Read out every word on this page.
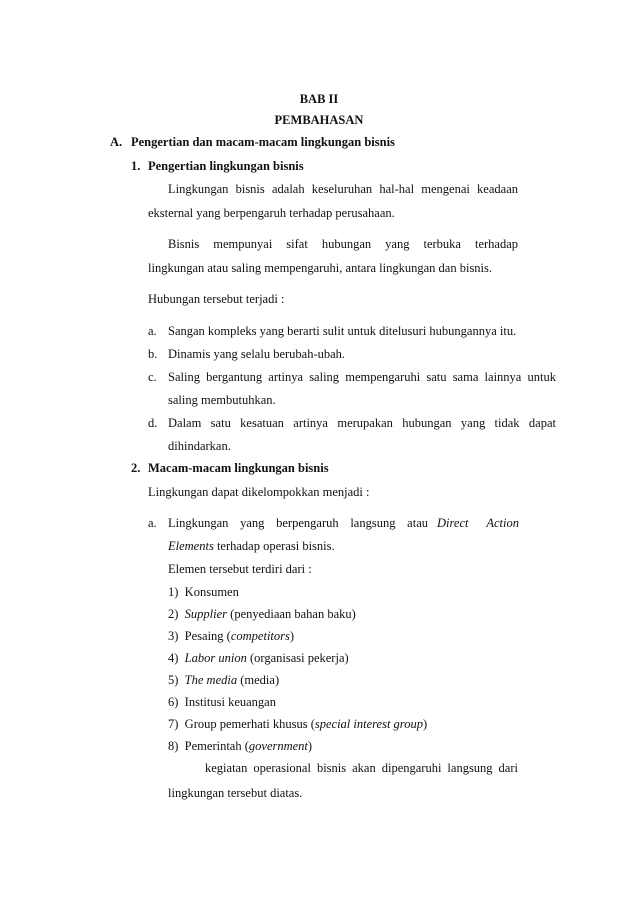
BAB II
PEMBAHASAN
A. Pengertian dan macam-macam lingkungan bisnis
1. Pengertian lingkungan bisnis
Lingkungan bisnis adalah keseluruhan hal-hal mengenai keadaan
eksternal yang berpengaruh terhadap perusahaan.
Bisnis mempunyai sifat hubungan yang terbuka terhadap
lingkungan atau saling mempengaruhi, antara lingkungan dan bisnis.
Hubungan tersebut terjadi :
a. Sangan kompleks yang berarti sulit untuk ditelusuri hubungannya itu.
b. Dinamis yang selalu berubah-ubah.
c. Saling bergantung artinya saling mempengaruhi satu sama lainnya untuk
saling membutuhkan.
d. Dalam satu kesatuan artinya merupakan hubungan yang tidak dapat
dihindarkan.
2. Macam-macam lingkungan bisnis
Lingkungan dapat dikelompokkan menjadi :
a. Lingkungan yang berpengaruh langsung atau Direct Action
Elements terhadap operasi bisnis.
Elemen tersebut terdiri dari :
1) Konsumen
2) Supplier (penyediaan bahan baku)
3) Pesaing (competitors)
4) Labor union (organisasi pekerja)
5) The media (media)
6) Institusi keuangan
7) Group pemerhati khusus (special interest group)
8) Pemerintah (government)
kegiatan operasional bisnis akan dipengaruhi langsung dari
lingkungan tersebut diatas.
